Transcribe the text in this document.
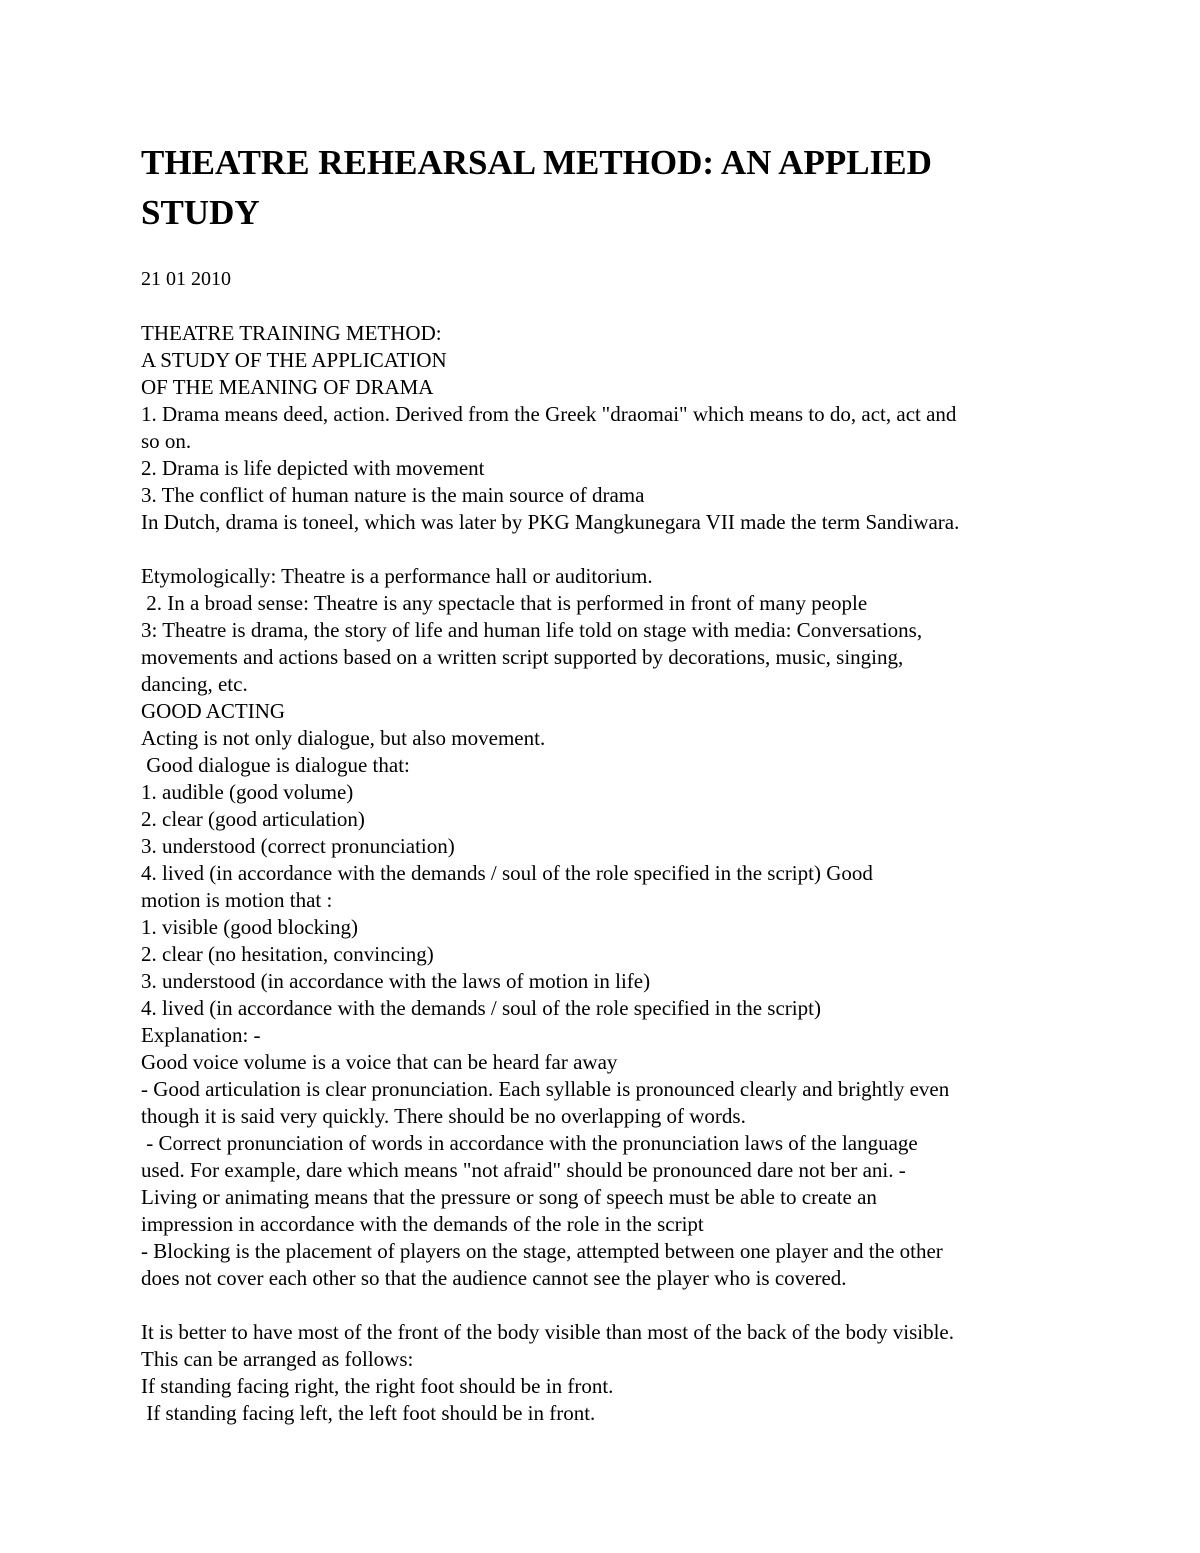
THEATRE REHEARSAL METHOD: AN APPLIED
STUDY
21 01 2010
THEATRE TRAINING METHOD:
A STUDY OF THE APPLICATION
OF THE MEANING OF DRAMA
1. Drama means deed, action. Derived from the Greek "draomai" which means to do, act, act and
so on.
2. Drama is life depicted with movement
3. The conflict of human nature is the main source of drama
In Dutch, drama is toneel, which was later by PKG Mangkunegara VII made the term Sandiwara.
Etymologically: Theatre is a performance hall or auditorium.
2. In a broad sense: Theatre is any spectacle that is performed in front of many people
3: Theatre is drama, the story of life and human life told on stage with media: Conversations,
movements and actions based on a written script supported by decorations, music, singing,
dancing, etc.
GOOD ACTING
Acting is not only dialogue, but also movement.
Good dialogue is dialogue that:
1. audible (good volume)
2. clear (good articulation)
3. understood (correct pronunciation)
4. lived (in accordance with the demands / soul of the role specified in the script) Good
motion is motion that :
1. visible (good blocking)
2. clear (no hesitation, convincing)
3. understood (in accordance with the laws of motion in life)
4. lived (in accordance with the demands / soul of the role specified in the script)
Explanation: -
Good voice volume is a voice that can be heard far away
- Good articulation is clear pronunciation. Each syllable is pronounced clearly and brightly even
though it is said very quickly. There should be no overlapping of words.
- Correct pronunciation of words in accordance with the pronunciation laws of the language
used. For example, dare which means "not afraid" should be pronounced dare not ber ani. -
Living or animating means that the pressure or song of speech must be able to create an
impression in accordance with the demands of the role in the script
- Blocking is the placement of players on the stage, attempted between one player and the other
does not cover each other so that the audience cannot see the player who is covered.
It is better to have most of the front of the body visible than most of the back of the body visible.
This can be arranged as follows:
If standing facing right, the right foot should be in front.
If standing facing left, the left foot should be in front.
